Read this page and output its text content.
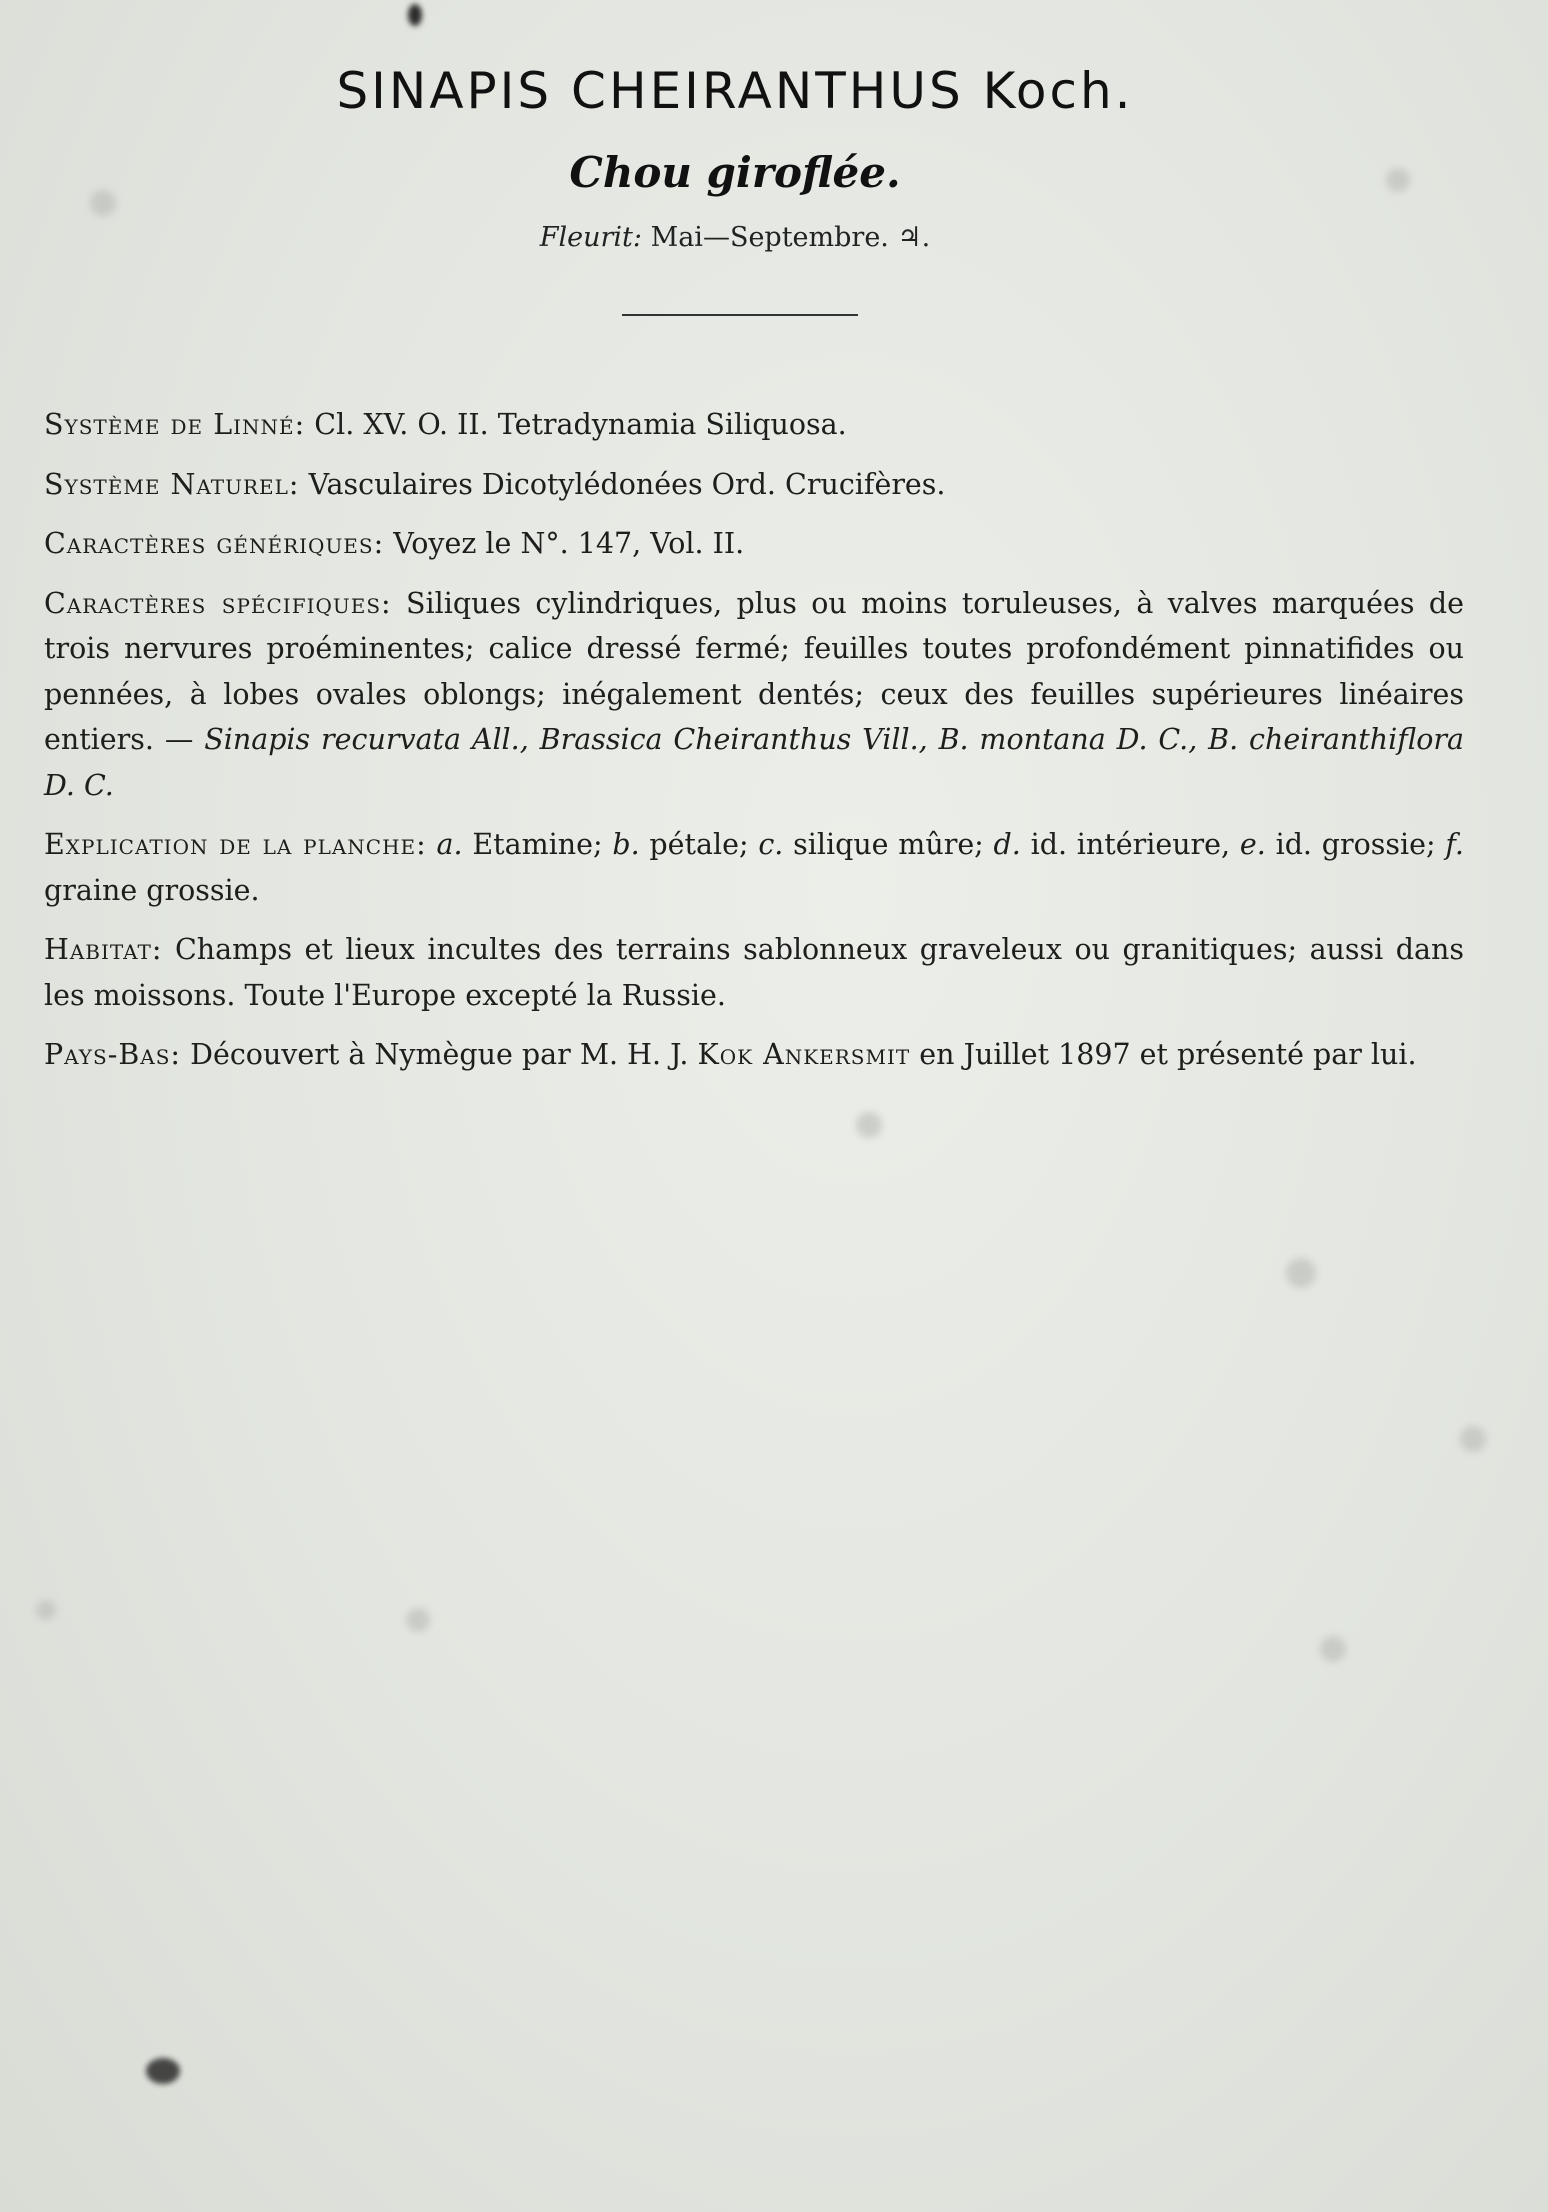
SINAPIS CHEIRANTHUS Koch.
Chou giroflée.
Fleurit: Mai—Septembre. ♃.

Système de Linné: Cl. XV. O. II. Tetradynamia Siliquosa.

Système Naturel: Vasculaires Dicotylédonées Ord. Crucifères.

Caractères génériques: Voyez le N°. 147, Vol. II.

Caractères spécifiques: Siliques cylindriques, plus ou moins toruleuses, à valves marquées de trois nervures proéminentes; calice dressé fermé; feuilles toutes profondément pinnatifides ou pennées, à lobes ovales oblongs; inégalement dentés; ceux des feuilles supérieures linéaires entiers. — Sinapis recurvata All., Brassica Cheiranthus Vill., B. montana D. C., B. cheiranthiflora D. C.

Explication de la planche: a. Etamine; b. pétale; c. silique mûre; d. id. intérieure, e. id. grossie; f. graine grossie.

Habitat: Champs et lieux incultes des terrains sablonneux graveleux ou granitiques; aussi dans les moissons. Toute l'Europe excepté la Russie.

Pays-Bas: Découvert à Nymègue par M. H. J. Kok Ankersmit en Juillet 1897 et présenté par lui.
